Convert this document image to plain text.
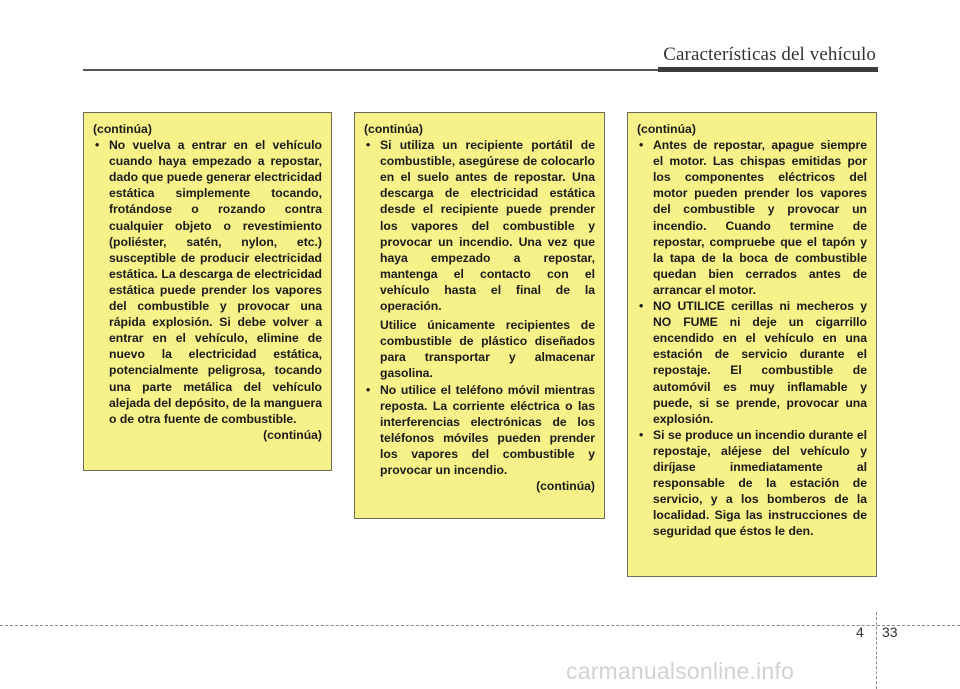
Características del vehículo

(continúa)

• No vuelva a entrar en el vehículo cuando haya empezado a repostar, dado que puede generar electricidad estática simplemente tocando, frotándose o rozando contra cualquier objeto o revestimiento (poliéster, satén, nylon, etc.) susceptible de producir electricidad estática. La descarga de electricidad estática puede prender los vapores del combustible y provocar una rápida explosión. Si debe volver a entrar en el vehículo, elimine de nuevo la electricidad estática, potencialmente peligrosa, tocando una parte metálica del vehículo alejada del depósito, de la manguera o de otra fuente de combustible.

(continúa)

(continúa)

• Si utiliza un recipiente portátil de combustible, asegúrese de colocarlo en el suelo antes de repostar. Una descarga de electricidad estática desde el recipiente puede prender los vapores del combustible y provocar un incendio. Una vez que haya empezado a repostar, mantenga el contacto con el vehículo hasta el final de la operación.

Utilice únicamente recipientes de combustible de plástico diseñados para transportar y almacenar gasolina.

• No utilice el teléfono móvil mientras reposta. La corriente eléctrica o las interferencias electrónicas de los teléfonos móviles pueden prender los vapores del combustible y provocar un incendio.

(continúa)

(continúa)

• Antes de repostar, apague siempre el motor. Las chispas emitidas por los componentes eléctricos del motor pueden prender los vapores del combustible y provocar un incendio. Cuando termine de repostar, compruebe que el tapón y la tapa de la boca de combustible quedan bien cerrados antes de arrancar el motor.

• NO UTILICE cerillas ni mecheros y NO FUME ni deje un cigarrillo encendido en el vehículo en una estación de servicio durante el repostaje. El combustible de automóvil es muy inflamable y puede, si se prende, provocar una explosión.

• Si se produce un incendio durante el repostaje, aléjese del vehículo y diríjase inmediatamente al responsable de la estación de servicio, y a los bomberos de la localidad. Siga las instrucciones de seguridad que éstos le den.

4 33
carmanualsonline.info
